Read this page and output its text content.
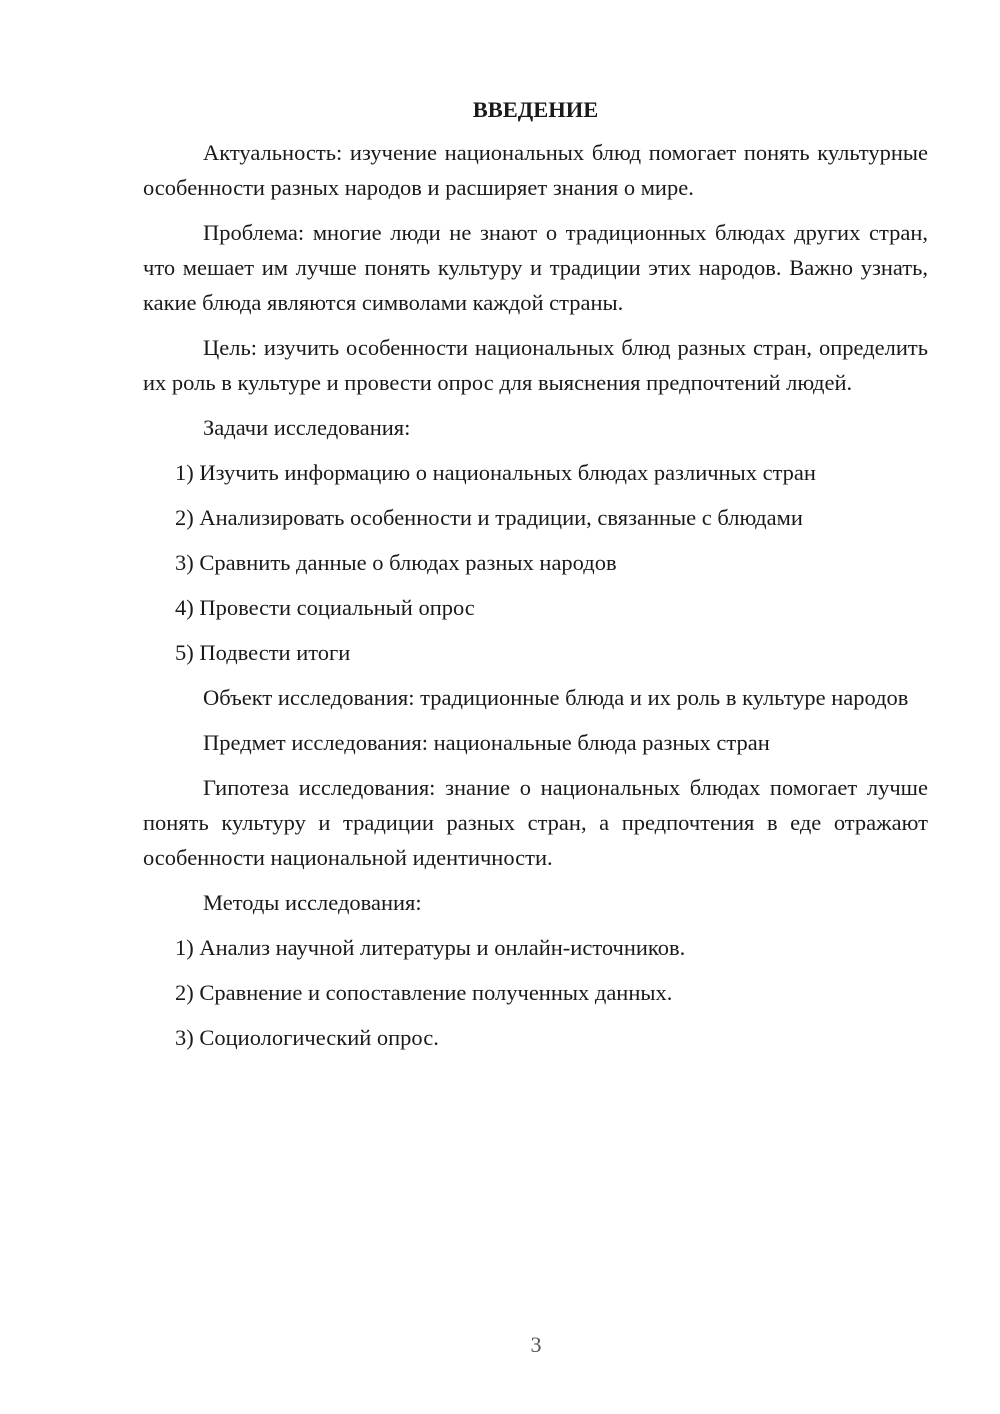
ВВЕДЕНИЕ

Актуальность: изучение национальных блюд помогает понять культурные особенности разных народов и расширяет знания о мире.

Проблема: многие люди не знают о традиционных блюдах других стран, что мешает им лучше понять культуру и традиции этих народов. Важно узнать, какие блюда являются символами каждой страны.

Цель: изучить особенности национальных блюд разных стран, определить их роль в культуре и провести опрос для выяснения предпочтений людей.

Задачи исследования:

1) Изучить информацию о национальных блюдах различных стран

2) Анализировать особенности и традиции, связанные с блюдами

3) Сравнить данные о блюдах разных народов

4) Провести социальный опрос

5) Подвести итоги

Объект исследования: традиционные блюда и их роль в культуре народов

Предмет исследования: национальные блюда разных стран

Гипотеза исследования: знание о национальных блюдах помогает лучше понять культуру и традиции разных стран, а предпочтения в еде отражают особенности национальной идентичности.

Методы исследования:

1) Анализ научной литературы и онлайн-источников.

2) Сравнение и сопоставление полученных данных.

3) Социологический опрос.

3
